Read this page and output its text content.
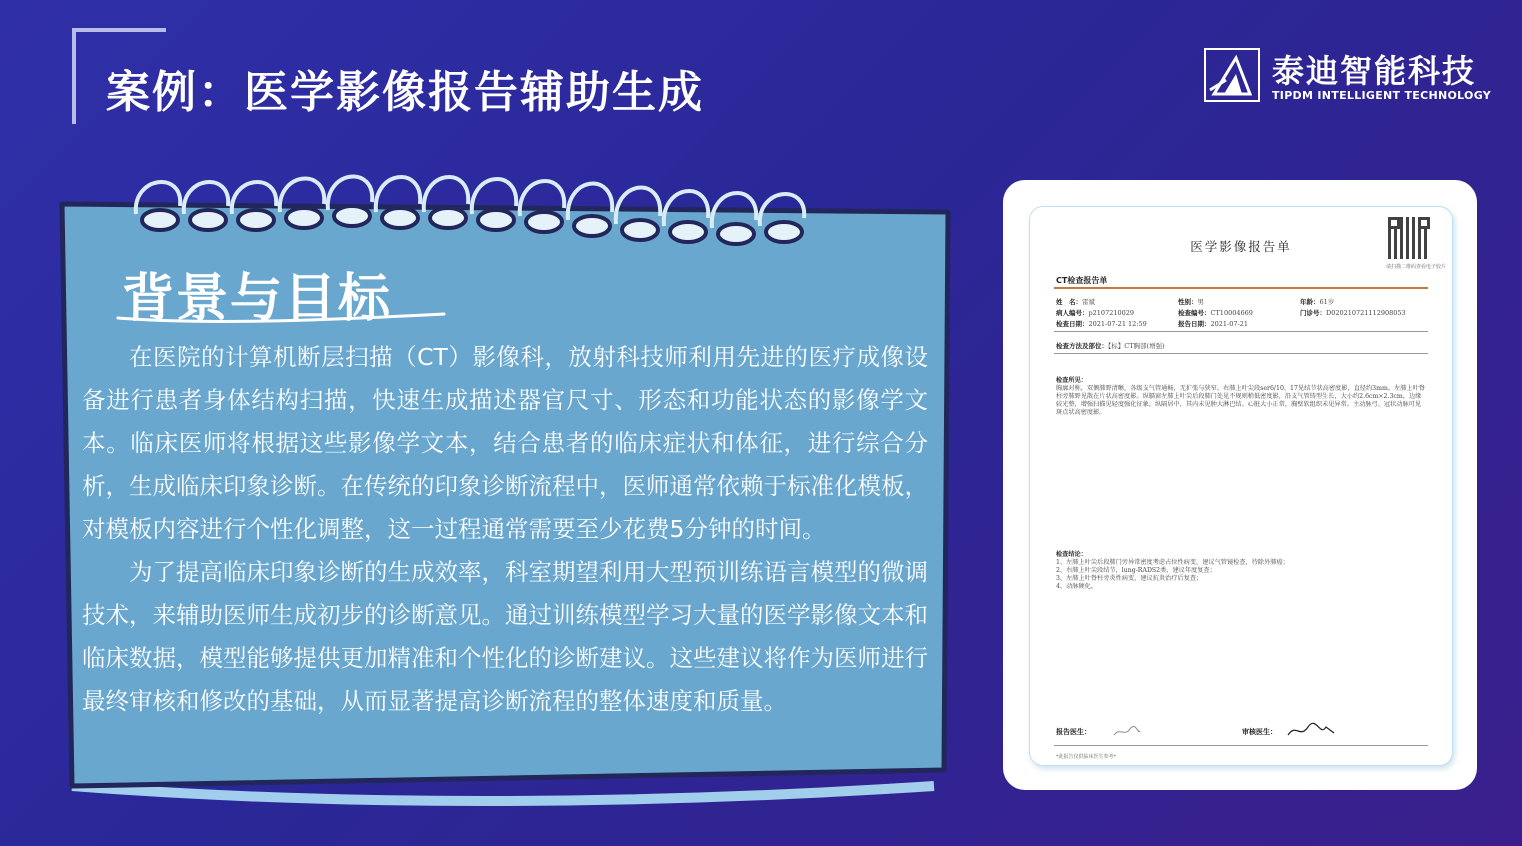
案例：医学影像报告辅助生成	泰迪智能科技
TIPDM INTELLIGENT TECHNOLOGY
背景与目标

在医院的计算机断层扫描（CT）影像科，放射科技师利用先进的医疗成像设备进行患者身体结构扫描，快速生成描述器官尺寸、形态和功能状态的影像学文本。临床医师将根据这些影像学文本，结合患者的临床症状和体征，进行综合分析，生成临床印象诊断。在传统的印象诊断流程中，医师通常依赖于标准化模板，对模板内容进行个性化调整，这一过程通常需要至少花费5分钟的时间。

为了提高临床印象诊断的生成效率，科室期望利用大型预训练语言模型的微调技术，来辅助医师生成初步的诊断意见。通过训练模型学习大量的医学影像文本和临床数据，模型能够提供更加精准和个性化的诊断建议。这些建议将作为医师进行最终审核和修改的基础，从而显著提高诊断流程的整体速度和质量。

医学影像报告单
请扫描二维码查看电子胶片
CT检查报告单
姓　名：雷斌	性别：男	年龄：61岁
病人编号：p2107210029	检查编号：CT10004669	门诊号：D020210721112908053
检查日期：2021-07-21 12:59	报告日期：2021-07-21
检查方法及部位：【标】CT胸部(增强)
检查所见：
胸廓对称，双侧肺野清晰，各级支气管通畅，无扩张与狭窄。右肺上叶尖段ser6/10、17见结节状高密度影，直径约3mm。左肺上叶脊柱旁肺野见散在片状高密度影。纵膈窗左肺上叶尖后段肺门处见不规则稍低密度影，沿支气管铸型生长，大小约2.6cm×2.3cm，边缘较光整，增强扫描见轻度强化征象。纵隔居中，其内未见肿大淋巴结。心脏大小正常，胸壁软组织未见异常。主动脉弓、冠状动脉可见斑点状高密度影。
检查结论：
1、左肺上叶尖后段肺门旁异常密度考虑占位性病变，建议气管镜检查，待除外肺癌；
2、右肺上叶尖段结节，lung-RADS2类，建议年度复查；
3、左肺上叶脊柱旁炎性病变，建议抗炎治疗后复查；
4、动脉硬化。
报告医生：	审核医生：
*此报告仅供临床医生参考*
